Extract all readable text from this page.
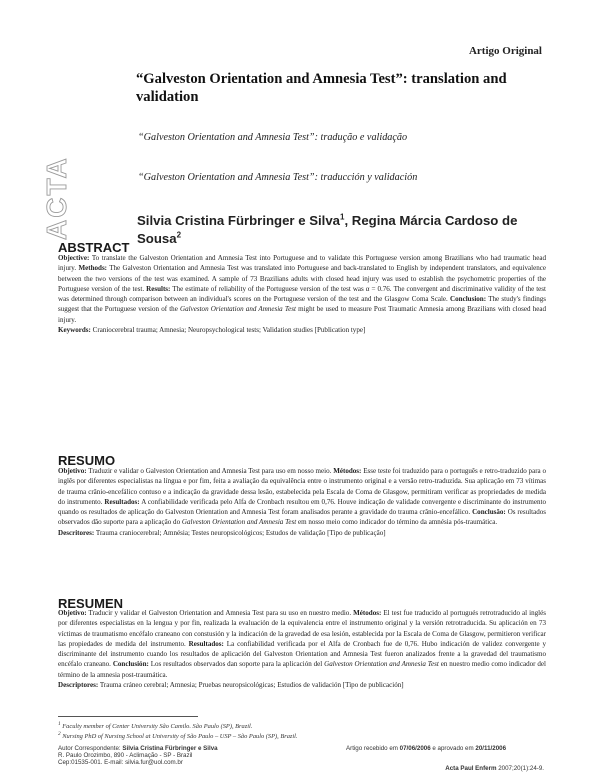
Artigo Original
ACTA
“Galveston Orientation and Amnesia Test”: translation and validation
“Galveston Orientation and Amnesia Test”: tradução e validação
“Galveston Orientation and Amnesia Test”: traducción y validación
Silvia Cristina Fürbringer e Silva$^1$, Regina Márcia Cardoso de Sousa$^2$
ABSTRACT
Objective: To translate the Galveston Orientation and Amnesia Test into Portuguese and to validate this Portuguese version among Brazilians who had traumatic head injury. Methods: The Galveston Orientation and Amnesia Test was translated into Portuguese and back-translated to English by independent translators, and equivalence between the two versions of the test was examined. A sample of 73 Brazilians adults with closed head injury was used to establish the psychometric properties of the Portuguese version of the test. Results: The estimate of reliability of the Portuguese version of the test was α = 0.76. The convergent and discriminative validity of the test was determined through comparison between an individual's scores on the Portuguese version of the test and the Glasgow Coma Scale. Conclusion: The study's findings suggest that the Portuguese version of the Galveston Orientation and Amnesia Test might be used to measure Post Traumatic Amnesia among Brazilians with closed head injury.
Keywords: Craniocerebral trauma; Amnesia; Neuropsychological tests; Validation studies [Publication type]
RESUMO
Objetivo: Traduzir e validar o Galveston Orientation and Amnesia Test para uso em nosso meio. Métodos: Esse teste foi traduzido para o português e retro-traduzido para o inglês por diferentes especialistas na língua e por fim, feita a avaliação da equivalência entre o instrumento original e a versão retro-traduzida. Sua aplicação em 73 vítimas de trauma crânio-encefálico contuso e a indicação da gravidade dessa lesão, estabelecida pela Escala de Coma de Glasgow, permitiram verificar as propriedades de medida do instrumento. Resultados: A confiabilidade verificada pelo Alfa de Cronbach resultou em 0,76. Houve indicação de validade convergente e discriminante do instrumento quando os resultados de aplicação do Galveston Orientation and Amnesia Test foram analisados perante a gravidade do trauma crânio-encefálico. Conclusão: Os resultados observados dão suporte para a aplicação do Galveston Orientation and Amnesia Test em nosso meio como indicador do término da amnésia pós-traumática.
Descritores: Trauma craniocerebral; Amnésia; Testes neuropsicológicos; Estudos de validação [Tipo de publicação]
RESUMEN
Objetivo: Traducir y validar el Galveston Orientation and Amnesia Test para su uso en nuestro medio. Métodos: El test fue traducido al portugués retrotraducido al inglés por diferentes especialistas en la lengua y por fin, realizada la evaluación de la equivalencia entre el instrumento original y la versión retrotraducida. Su aplicación en 73 víctimas de traumatismo encéfalo craneano con constusión y la indicación de la gravedad de esa lesión, establecida por la Escala de Coma de Glasgow, permitieron verificar las propiedades de medida del instrumento. Resultados: La confiabilidad verificada por el Alfa de Cronbach fue de 0,76. Hubo indicación de validez convergente y discriminante del instrumento cuando los resultados de aplicación del Galveston Orientation and Amnesia Test fueron analizados frente a la gravedad del traumatismo encéfalo craneano. Conclusión: Los resultados observados dan soporte para la aplicación del Galveston Orientation and Amnesia Test en nuestro medio como indicador del término de la amnesia post-traumática.
Descriptores: Trauma cráneo cerebral; Amnesia; Pruebas neuropsicológicas; Estudios de validación [Tipo de publicación]
$^1$ Faculty member of Center University São Camilo. São Paulo (SP), Brazil.
$^2$ Nursing PhD of Nursing School at University of São Paulo – USP – São Paulo (SP), Brazil.
Autor Correspondente: Silvia Cristina Fürbringer e Silva
R. Paulo Orozimbo, 890 - Aclimação - SP - Brazil
Cep:01535-001. E-mail: silvia.fur@uol.com.br
Artigo recebido em 07/06/2006 e aprovado em 20/11/2006
Acta Paul Enferm 2007;20(1):24-9.
